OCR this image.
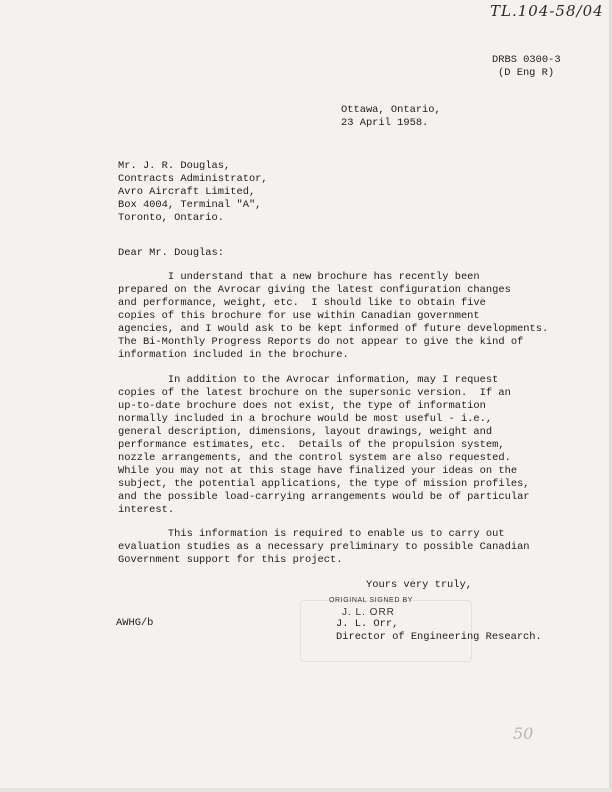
TL.104-58/04
DRBS 0300-3
(D Eng R)
Ottawa, Ontario,
23 April 1958.
Mr. J. R. Douglas,
Contracts Administrator,
Avro Aircraft Limited,
Box 4004, Terminal "A",
Toronto, Ontario.
Dear Mr. Douglas:
I understand that a new brochure has recently been
prepared on the Avrocar giving the latest configuration changes
and performance, weight, etc.  I should like to obtain five
copies of this brochure for use within Canadian government
agencies, and I would ask to be kept informed of future developments.
The Bi-Monthly Progress Reports do not appear to give the kind of
information included in the brochure.
In addition to the Avrocar information, may I request
copies of the latest brochure on the supersonic version.  If an
up-to-date brochure does not exist, the type of information
normally included in a brochure would be most useful - i.e.,
general description, dimensions, layout drawings, weight and
performance estimates, etc.  Details of the propulsion system,
nozzle arrangements, and the control system are also requested.
While you may not at this stage have finalized your ideas on the
subject, the potential applications, the type of mission profiles,
and the possible load-carrying arrangements would be of particular
interest.
This information is required to enable us to carry out
evaluation studies as a necessary preliminary to possible Canadian
Government support for this project.
Yours very truly,
ORIGINAL SIGNED BY
J. L. ORR
J. L. Orr,
Director of Engineering Research.
AWHG/b
50
